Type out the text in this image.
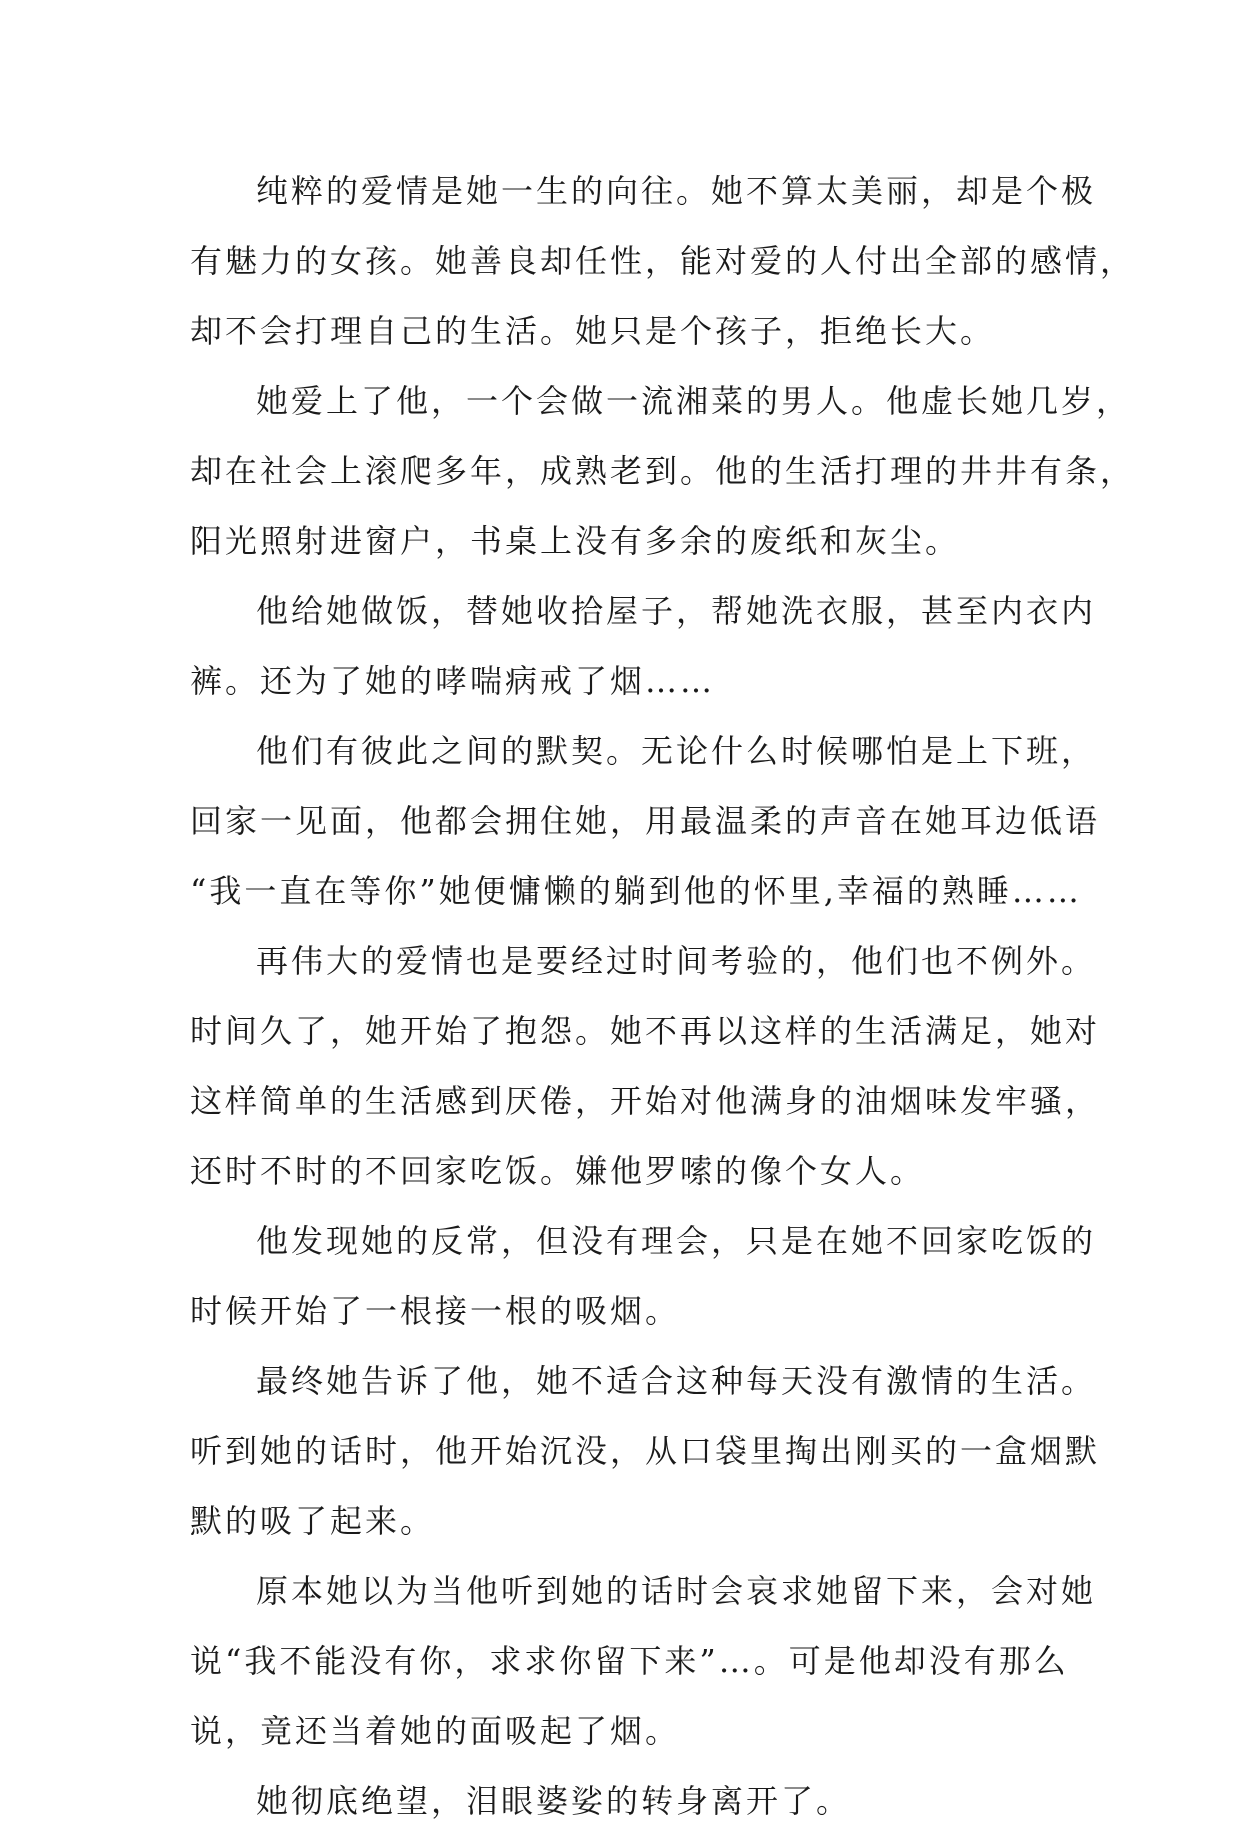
纯粹的爱情是她一生的向往。她不算太美丽，却是个极
有魅力的女孩。她善良却任性，能对爱的人付出全部的感情，
却不会打理自己的生活。她只是个孩子，拒绝长大。

她爱上了他，一个会做一流湘菜的男人。他虚长她几岁，
却在社会上滚爬多年，成熟老到。他的生活打理的井井有条，
阳光照射进窗户，书桌上没有多余的废纸和灰尘。

他给她做饭，替她收拾屋子，帮她洗衣服，甚至内衣内
裤。还为了她的哮喘病戒了烟……

他们有彼此之间的默契。无论什么时候哪怕是上下班，
回家一见面，他都会拥住她，用最温柔的声音在她耳边低语
“我一直在等你”她便慵懒的躺到他的怀里,幸福的熟睡……

再伟大的爱情也是要经过时间考验的，他们也不例外。
时间久了，她开始了抱怨。她不再以这样的生活满足，她对
这样简单的生活感到厌倦，开始对他满身的油烟味发牢骚，
还时不时的不回家吃饭。嫌他罗嗦的像个女人。

他发现她的反常，但没有理会，只是在她不回家吃饭的
时候开始了一根接一根的吸烟。

最终她告诉了他，她不适合这种每天没有激情的生活。
听到她的话时，他开始沉没，从口袋里掏出刚买的一盒烟默
默的吸了起来。

原本她以为当他听到她的话时会哀求她留下来，会对她
说“我不能没有你，求求你留下来”…。可是他却没有那么
说，竟还当着她的面吸起了烟。

她彻底绝望，泪眼婆娑的转身离开了。
